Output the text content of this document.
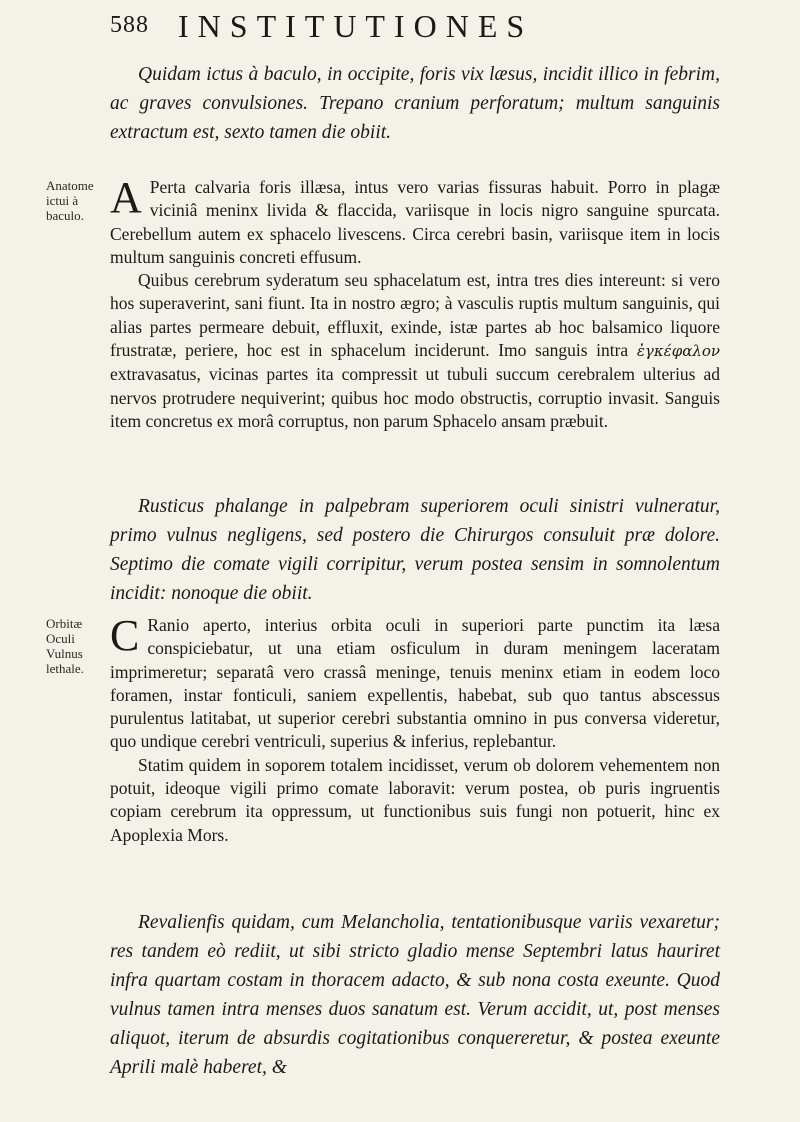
588 INSTITUTIONES

Quidam ictus à baculo, in occipite, foris vix læsus, incidit illico in febrim, ac graves convulsiones. Trepano cranium perforatum; multum sanguinis extractum est, sexto tamen die obiit.

Anatome ictui à baculo. A Perta calvaria foris illæsa, intus vero varias fissuras habuit. Porro in plagæ viciniâ meninx livida & flaccida, variisque in locis nigro sanguine spurcata. Cerebellum autem ex sphacelo livescens. Circa cerebri basin, variisque item in locis multum sanguinis concreti effusum.

Quibus cerebrum syderatum seu sphacelatum est, intra tres dies intereunt: si vero hos superaverint, sani fiunt. Ita in nostro ægro; à vasculis ruptis multum sanguinis, qui alias partes permeare debuit, effluxit, exinde, istæ partes ab hoc balsamico liquore frustratæ, periere, hoc est in sphacelum inciderunt. Imo sanguis intra ἐγκέφαλον extravasatus, vicinas partes ita compressit ut tubuli succum cerebralem ulterius ad nervos protrudere nequiverint; quibus hoc modo obstructis, corruptio invasit. Sanguis item concretus ex morâ corruptus, non parum Sphacelo ansam præbuit.

Rusticus phalange in palpebram superiorem oculi sinistri vulneratur, primo vulnus negligens, sed postero die Chirurgos consuluit præ dolore. Septimo die comate vigili corripitur, verum postea sensim in somnolentum incidit: nonoque die obiit.

Orbitæ Oculi Vulnus lethale.

C Ranio aperto, interius orbita oculi in superiori parte punctim ita læsa conspiciebatur, ut una etiam osficulum in duram meningem laceratam imprimeretur; separatâ vero crassâ meninge, tenuis meninx etiam in eodem loco foramen, instar fonticuli, saniem expellentis, habebat, sub quo tantus abscessus purulentus latitabat, ut superior cerebri substantia omnino in pus conversa videretur, quo undique cerebri ventriculi, superius & inferius, replebantur.

Statim quidem in soporem totalem incidisset, verum ob dolorem vehementem non potuit, ideoque vigili primo comate laboravit: verum postea, ob puris ingruentis copiam cerebrum ita oppressum, ut functionibus suis fungi non potuerit, hinc ex Apoplexia Mors.

Revalienfis quidam, cum Melancholia, tentationibusque variis vexaretur; res tandem eò rediit, ut sibi stricto gladio mense Septembri latus hauriret infra quartam costam in thoracem adacto, & sub nona costa exeunte. Quod vulnus tamen intra menses duos sanatum est. Verum accidit, ut, post menses aliquot, iterum de absurdis cogitationibus conquereretur, & postea exeunte Aprili malè haberet, &
